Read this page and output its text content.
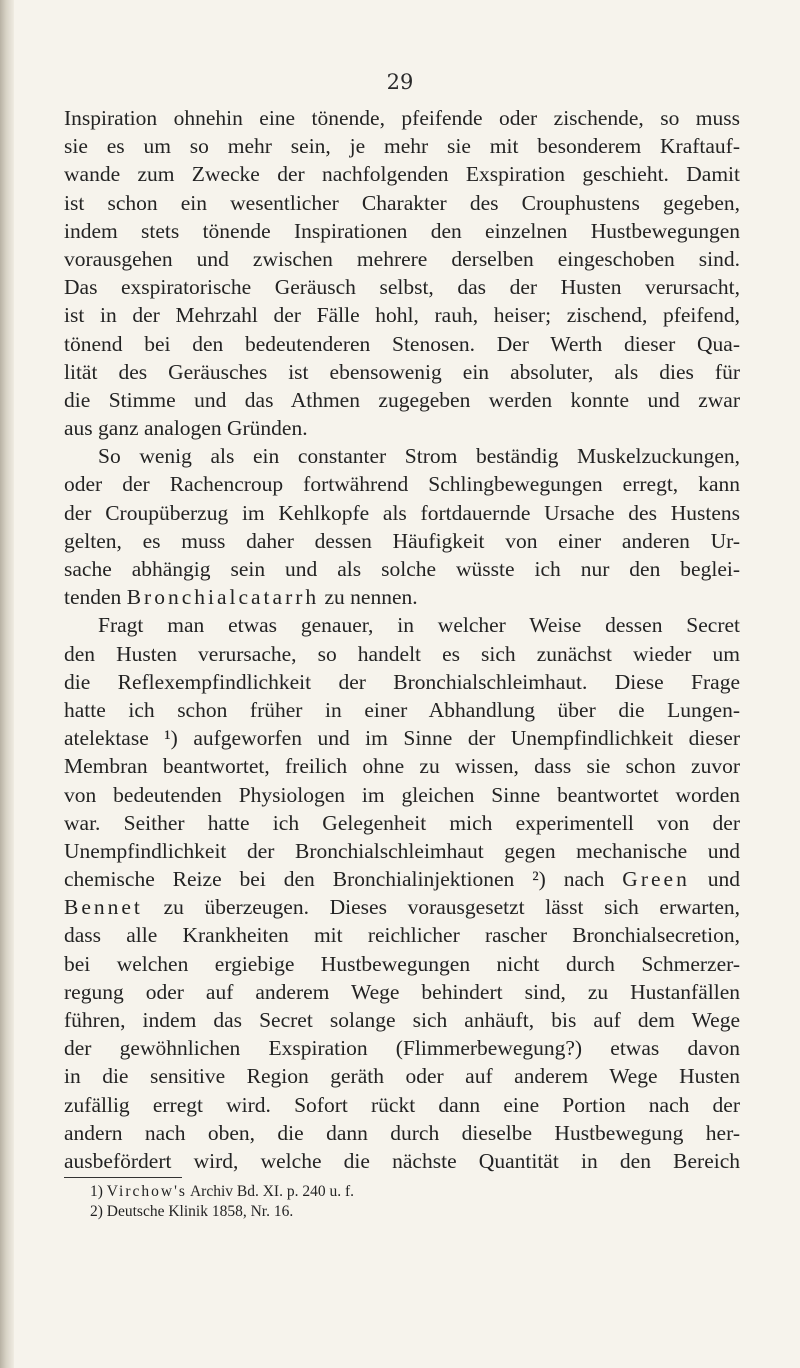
29
Inspiration ohnehin eine tönende, pfeifende oder zischende, so muss
sie es um so mehr sein, je mehr sie mit besonderem Kraftauf-
wande zum Zwecke der nachfolgenden Exspiration geschieht. Damit
ist schon ein wesentlicher Charakter des Crouphustens gegeben,
indem stets tönende Inspirationen den einzelnen Hustbewegungen
vorausgehen und zwischen mehrere derselben eingeschoben sind.
Das exspiratorische Geräusch selbst, das der Husten verursacht,
ist in der Mehrzahl der Fälle hohl, rauh, heiser; zischend, pfeifend,
tönend bei den bedeutenderen Stenosen. Der Werth dieser Qua-
lität des Geräusches ist ebensowenig ein absoluter, als dies für
die Stimme und das Athmen zugegeben werden konnte und zwar
aus ganz analogen Gründen.
So wenig als ein constanter Strom beständig Muskelzuckungen,
oder der Rachencroup fortwährend Schlingbewegungen erregt, kann
der Croupüberzug im Kehlkopfe als fortdauernde Ursache des Hustens
gelten, es muss daher dessen Häufigkeit von einer anderen Ur-
sache abhängig sein und als solche wüsste ich nur den beglei-
tenden Bronchialcatarrh zu nennen.
Fragt man etwas genauer, in welcher Weise dessen Secret
den Husten verursache, so handelt es sich zunächst wieder um
die Reflexempfindlichkeit der Bronchialschleimhaut. Diese Frage
hatte ich schon früher in einer Abhandlung über die Lungen-
atelektase ¹) aufgeworfen und im Sinne der Unempfindlichkeit dieser
Membran beantwortet, freilich ohne zu wissen, dass sie schon zuvor
von bedeutenden Physiologen im gleichen Sinne beantwortet worden
war. Seither hatte ich Gelegenheit mich experimentell von der
Unempfindlichkeit der Bronchialschleimhaut gegen mechanische und
chemische Reize bei den Bronchialinjektionen ²) nach Green und
Bennet zu überzeugen. Dieses vorausgesetzt lässt sich erwarten,
dass alle Krankheiten mit reichlicher rascher Bronchialsecretion,
bei welchen ergiebige Hustbewegungen nicht durch Schmerzer-
regung oder auf anderem Wege behindert sind, zu Hustanfällen
führen, indem das Secret solange sich anhäuft, bis auf dem Wege
der gewöhnlichen Exspiration (Flimmerbewegung?) etwas davon
in die sensitive Region geräth oder auf anderem Wege Husten
zufällig erregt wird. Sofort rückt dann eine Portion nach der
andern nach oben, die dann durch dieselbe Hustbewegung her-
ausbefördert wird, welche die nächste Quantität in den Bereich
1) Virchow's Archiv Bd. XI. p. 240 u. f.
2) Deutsche Klinik 1858, Nr. 16.
